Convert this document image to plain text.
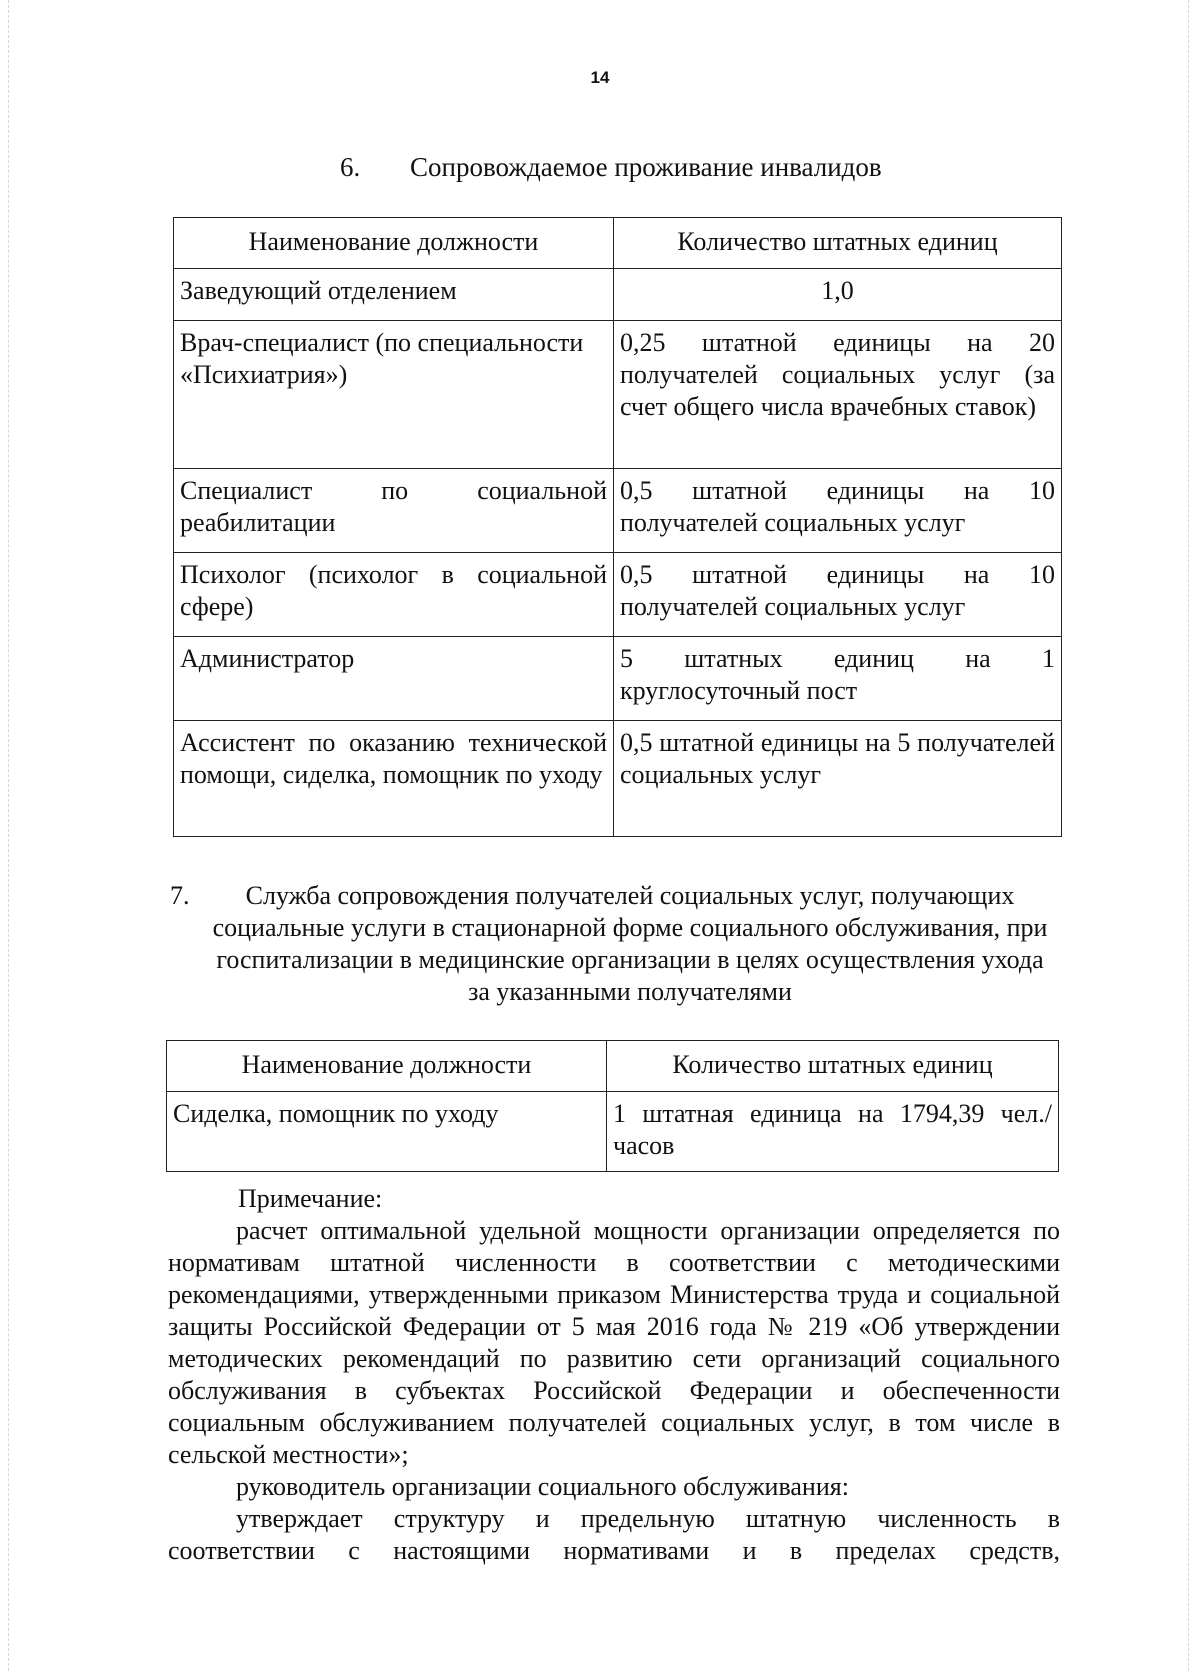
14
6. Сопровождаемое проживание инвалидов
Наименование должности	Количество штатных единиц
Заведующий отделением	1,0
Врач-специалист (по специальности «Психиатрия»)	0,25 штатной единицы на 20 получателей социальных услуг (за счет общего числа врачебных ставок)
Специалист по социальной реабилитации	0,5 штатной единицы на 10 получателей социальных услуг
Психолог (психолог в социальной сфере)	0,5 штатной единицы на 10 получателей социальных услуг
Администратор	5 штатных единиц на 1 круглосуточный пост
Ассистент по оказанию технической помощи, сиделка, помощник по уходу	0,5 штатной единицы на 5 получателей социальных услуг
7.	Служба сопровождения получателей социальных услуг, получающих социальные услуги в стационарной форме социального обслуживания, при госпитализации в медицинские организации в целях осуществления ухода за указанными получателями
Наименование должности	Количество штатных единиц
Сиделка, помощник по уходу	1 штатная единица на 1794,39 чел./часов

Примечание:

расчет оптимальной удельной мощности организации определяется по нормативам штатной численности в соответствии с методическими рекомендациями, утвержденными приказом Министерства труда и социальной защиты Российской Федерации от 5 мая 2016 года № 219 «Об утверждении методических рекомендаций по развитию сети организаций социального обслуживания в субъектах Российской Федерации и обеспеченности социальным обслуживанием получателей социальных услуг, в том числе в сельской местности»;

руководитель организации социального обслуживания:

утверждает структуру и предельную штатную численность в соответствии с настоящими нормативами и в пределах средств,
